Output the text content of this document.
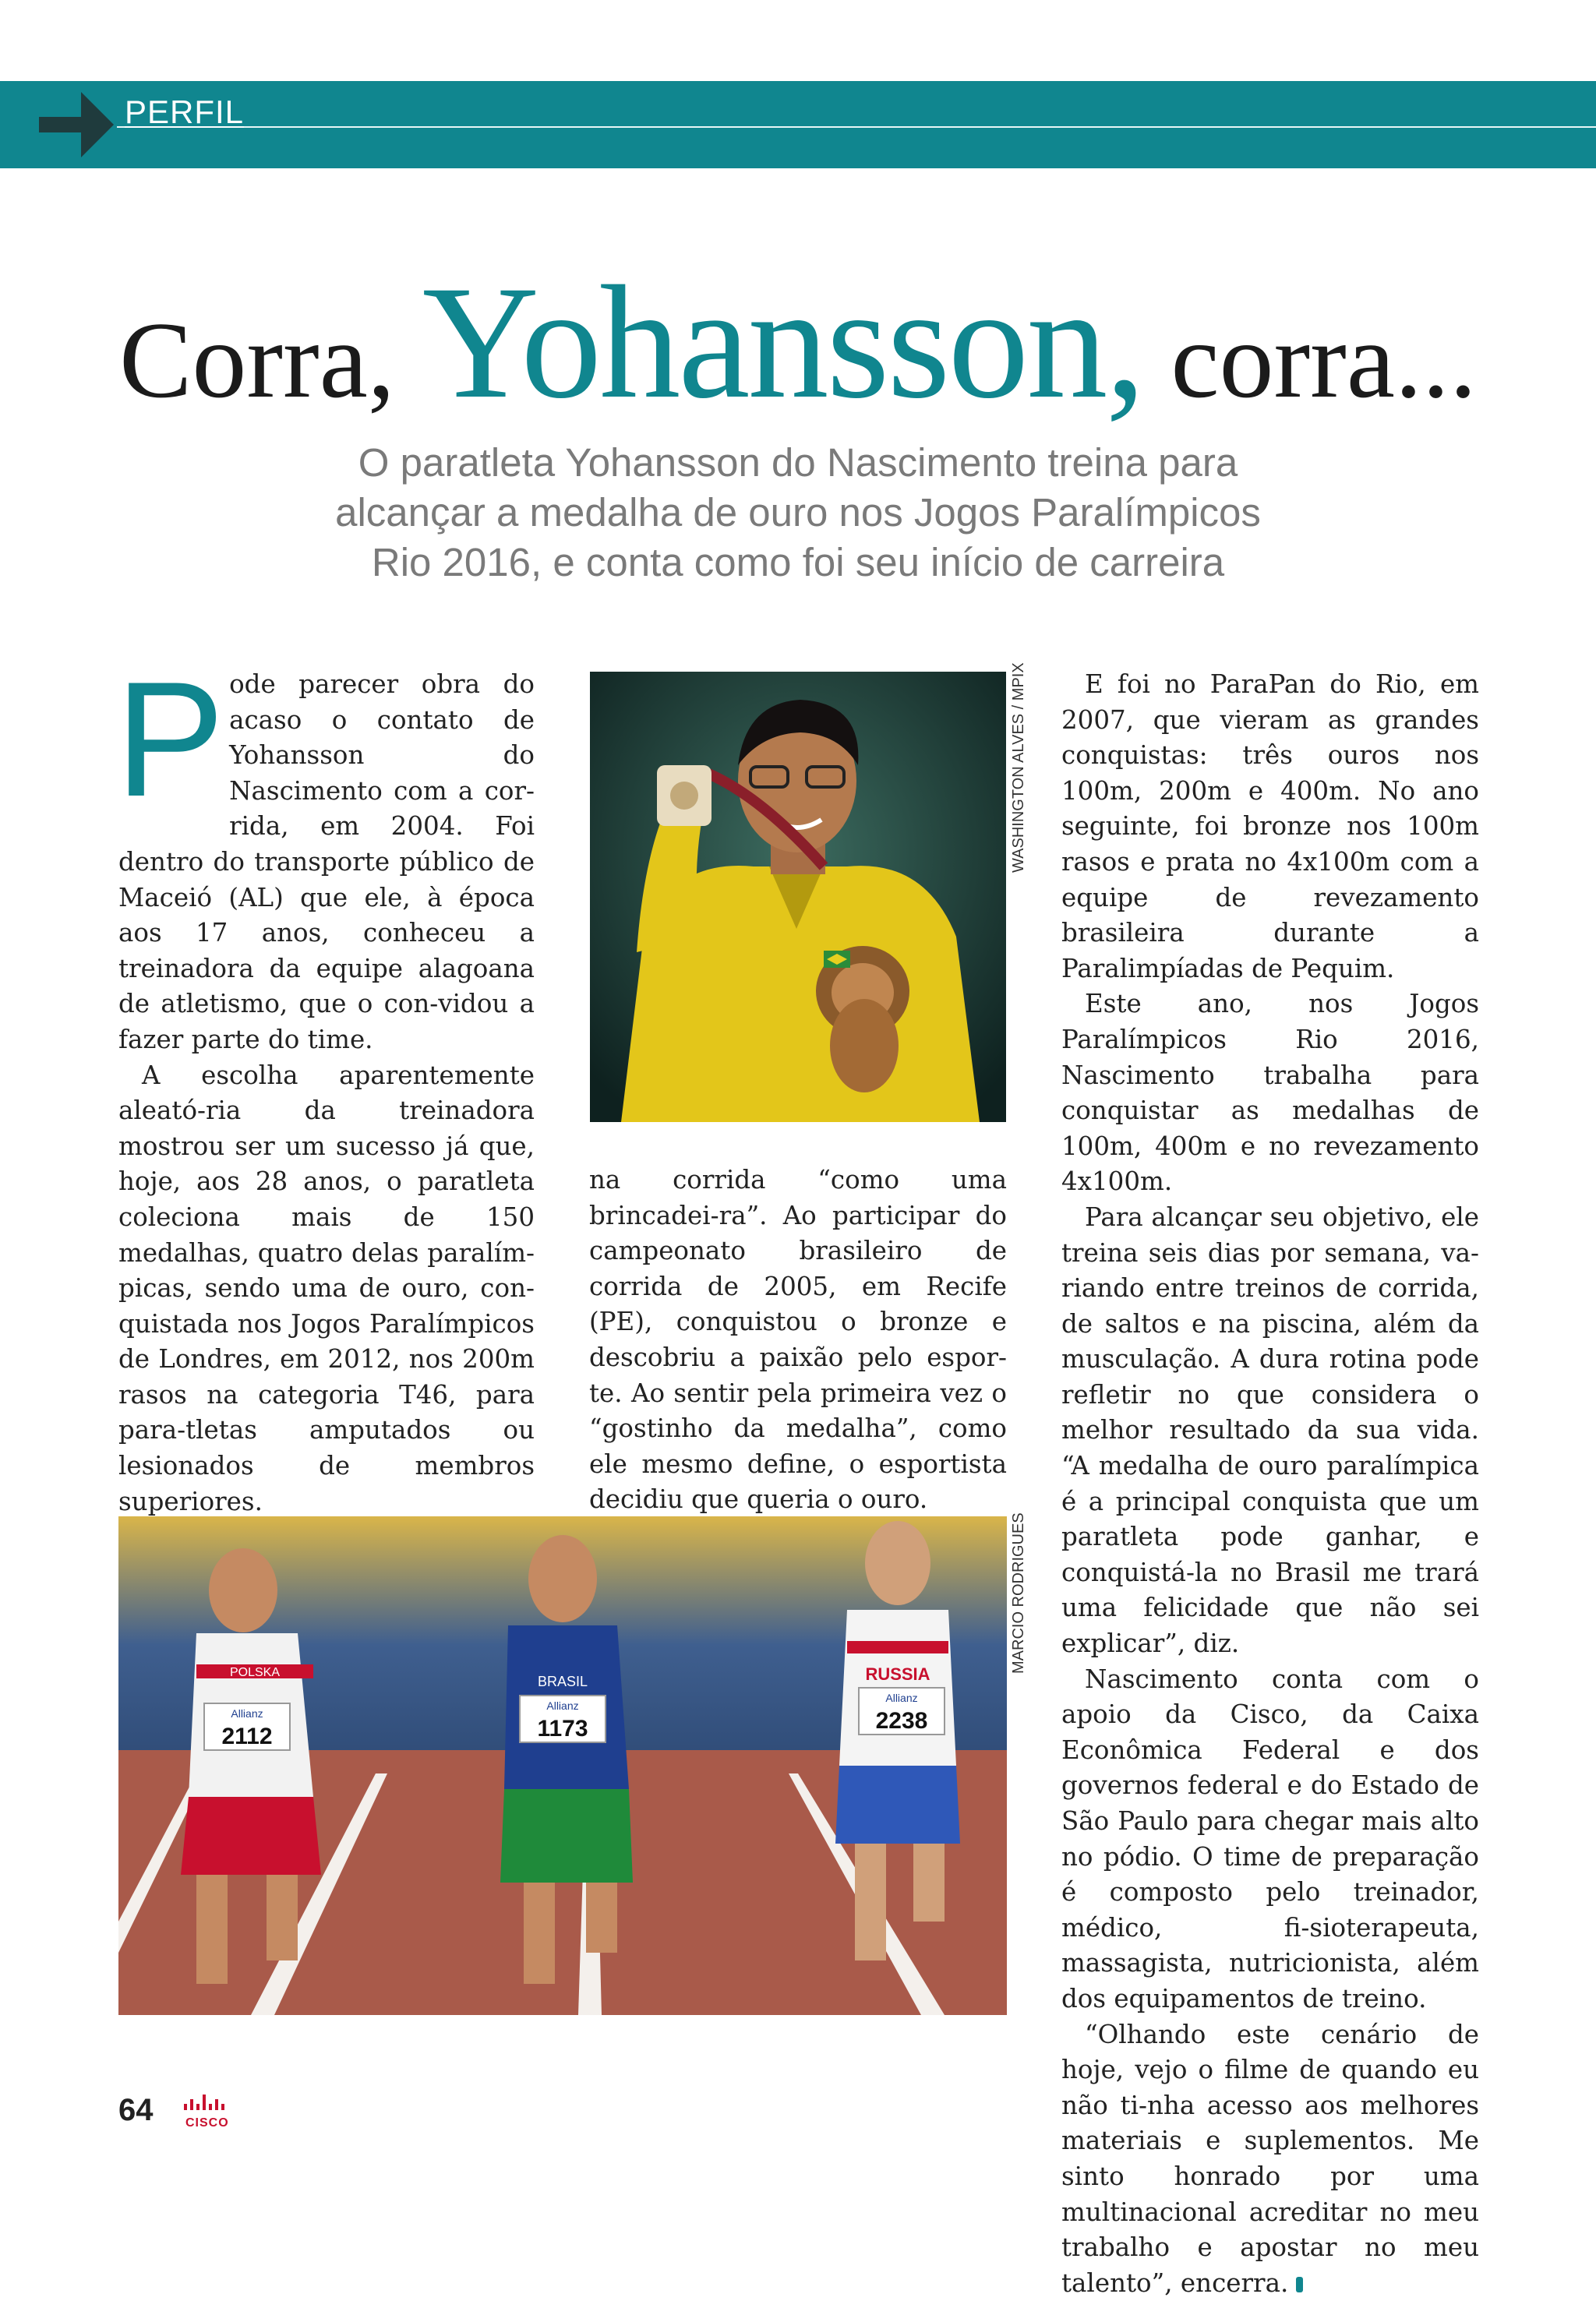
PERFIL
Corra, Yohansson, corra...
O paratleta Yohansson do Nascimento treina para
alcançar a medalha de ouro nos Jogos Paralímpicos
Rio 2016, e conta como foi seu início de carreira

Pode parecer obra do acaso o contato de Yohansson do Nascimento com a cor-rida, em 2004. Foi dentro do transporte público de Maceió (AL) que ele, à época aos 17 anos, conheceu a treinadora da equipe alagoana de atletismo, que o con-vidou a fazer parte do time.

A escolha aparentemente aleató-ria da treinadora mostrou ser um sucesso já que, hoje, aos 28 anos, o paratleta coleciona mais de 150 medalhas, quatro delas paralím-picas, sendo uma de ouro, con-quistada nos Jogos Paralímpicos de Londres, em 2012, nos 200m rasos na categoria T46, para para-tletas amputados ou lesionados de membros superiores.

WASHINGTON ALVES / MPIX

na corrida “como uma brincadei-ra”. Ao participar do campeonato brasileiro de corrida de 2005, em Recife (PE), conquistou o bronze e descobriu a paixão pelo espor-te. Ao sentir pela primeira vez o “gostinho da medalha”, como ele mesmo define, o esportista decidiu que queria o ouro.

E foi no ParaPan do Rio, em 2007, que vieram as grandes conquistas: três ouros nos 100m, 200m e 400m. No ano seguinte, foi bronze nos 100m rasos e prata no 4x100m com a equipe de revezamento brasileira durante a Paralimpíadas de Pequim.

Este ano, nos Jogos Paralímpicos Rio 2016, Nascimento trabalha para conquistar as medalhas de 100m, 400m e no revezamento 4x100m.

Para alcançar seu objetivo, ele treina seis dias por semana, va-riando entre treinos de corrida, de saltos e na piscina, além da musculação. A dura rotina pode refletir no que considera o melhor resultado da sua vida. “A medalha de ouro paralímpica é a principal conquista que um paratleta pode ganhar, e conquistá-la no Brasil me trará uma felicidade que não sei explicar”, diz.

Nascimento conta com o apoio da Cisco, da Caixa Econômica Federal e dos governos federal e do Estado de São Paulo para chegar mais alto no pódio. O time de preparação é composto pelo treinador, médico, fi-sioterapeuta, massagista, nutricionista, além dos equipamentos de treino.

“Olhando este cenário de hoje, vejo o filme de quando eu não ti-nha acesso aos melhores materiais e suplementos. Me sinto honrado por uma multinacional acreditar no meu trabalho e apostar no meu talento”, encerra.

2112	1173	2238
Allianz
Allianz
Allianz
POLSKA
BRASIL	RUSSIA
MARCIO RODRIGUES
64	CISCO
